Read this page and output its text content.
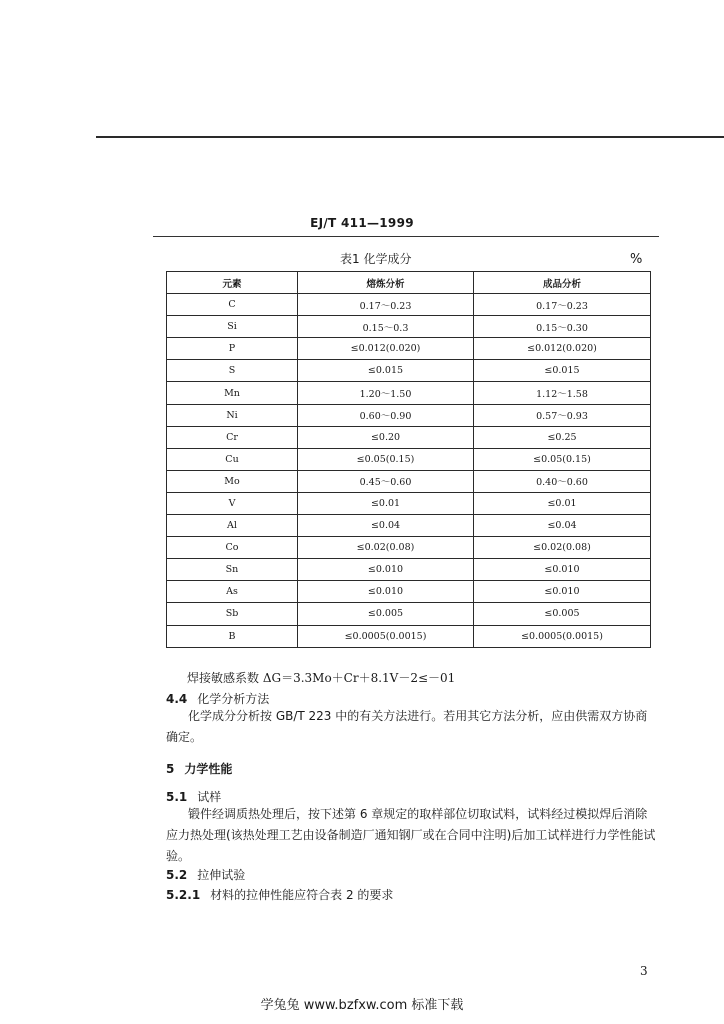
EJ/T 411—1999
表1 化学成分	%
元素	熔炼分析	成品分析
C	0.17～0.23	0.17～0.23
Si	0.15～0.3	0.15～0.30
P	≤0.012(0.020)	≤0.012(0.020)
S	≤0.015	≤0.015
Mn	1.20～1.50	1.12～1.58
Ni	0.60～0.90	0.57～0.93
Cr	≤0.20	≤0.25
Cu	≤0.05(0.15)	≤0.05(0.15)
Mo	0.45～0.60	0.40～0.60
V	≤0.01	≤0.01
Al	≤0.04	≤0.04
Co	≤0.02(0.08)	≤0.02(0.08)
Sn	≤0.010	≤0.010
As	≤0.010	≤0.010
Sb	≤0.005	≤0.005
B	≤0.0005(0.0015)	≤0.0005(0.0015)
焊接敏感系数 ΔG＝3.3Mo＋Cr＋8.1V－2≤－01
4.4 化学分析方法
化学成分分析按 GB/T 223 中的有关方法进行。若用其它方法分析，应由供需双方协商确定。
5 力学性能
5.1 试样
锻件经调质热处理后，按下述第 6 章规定的取样部位切取试料，试料经过模拟焊后消除应力热处理(该热处理工艺由设备制造厂通知钢厂或在合同中注明)后加工试样进行力学性能试验。
5.2 拉伸试验
5.2.1 材料的拉伸性能应符合表 2 的要求
3
学兔兔 www.bzfxw.com 标准下载
